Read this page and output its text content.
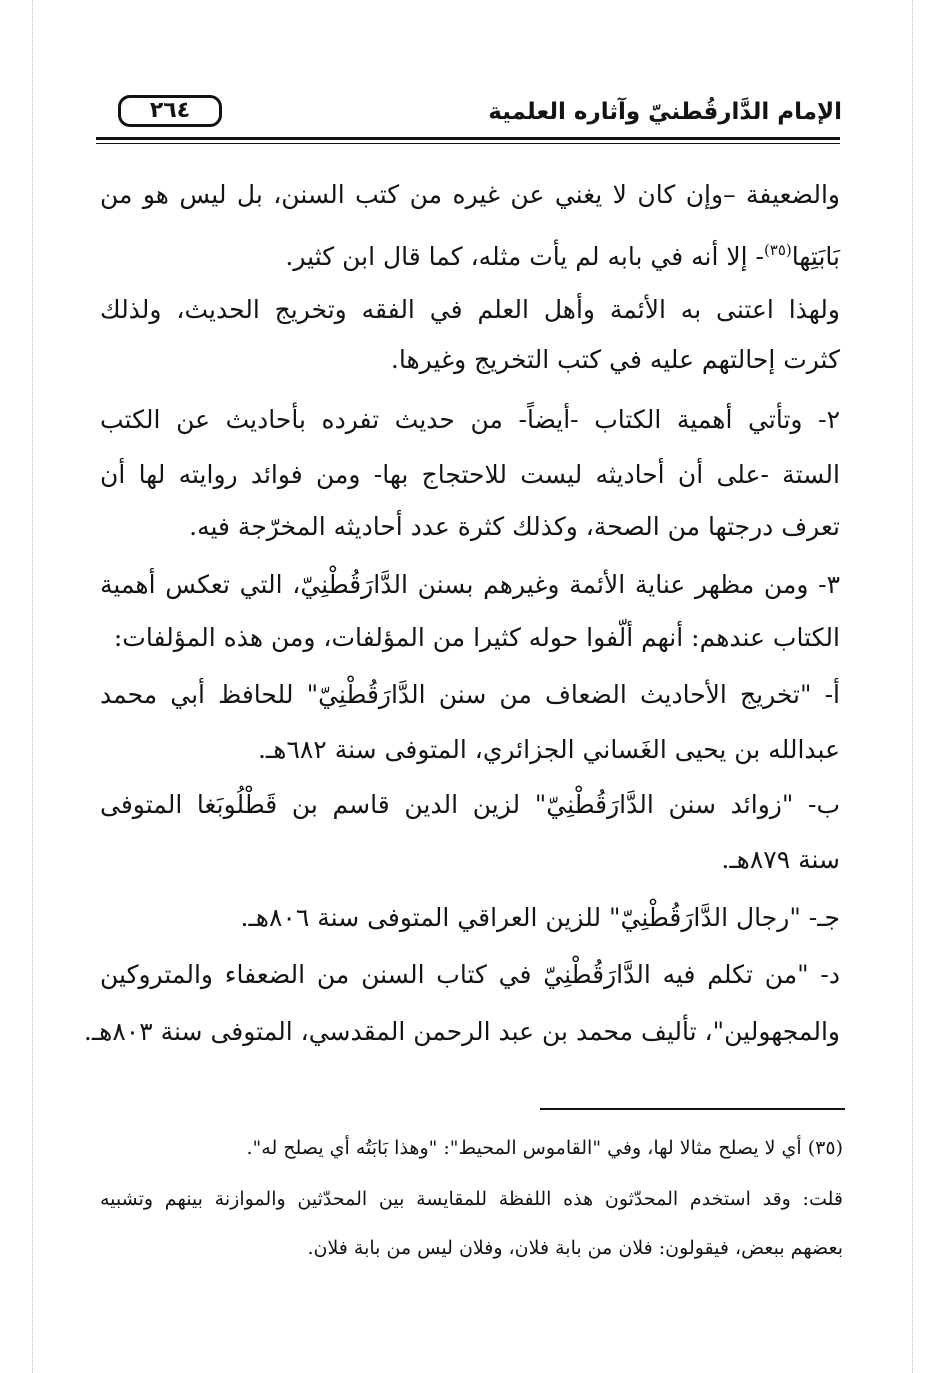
٢٦٤	الإمام الدَّارقُطنيّ وآثاره العلمية
والضعيفة –وإن كان لا يغني عن غيره من كتب السنن، بل ليس هو من
بَابَتِها$^{(٣٥)}$- إلا أنه في بابه لم يأت مثله، كما قال ابن كثير.
ولهذا اعتنى به الأئمة وأهل العلم في الفقه وتخريج الحديث، ولذلك
كثرت إحالتهم عليه في كتب التخريج وغيرها.
٢- وتأتي أهمية الكتاب -أيضاً- من حديث تفرده بأحاديث عن الكتب
الستة -على أن أحاديثه ليست للاحتجاج بها- ومن فوائد روايته لها أن
تعرف درجتها من الصحة، وكذلك كثرة عدد أحاديثه المخرّجة فيه.
٣- ومن مظهر عناية الأئمة وغيرهم بسنن الدَّارَقُطْنِيّ، التي تعكس أهمية
الكتاب عندهم: أنهم ألّفوا حوله كثيرا من المؤلفات، ومن هذه المؤلفات:
أ- "تخريج الأحاديث الضعاف من سنن الدَّارَقُطْنِيّ" للحافظ أبي محمد
عبدالله بن يحيى الغَساني الجزائري، المتوفى سنة ٦٨٢هـ.
ب- "زوائد سنن الدَّارَقُطْنِيّ" لزين الدين قاسم بن قَطْلُوبَغا المتوفى
سنة ٨٧٩هـ.
جـ- "رجال الدَّارَقُطْنِيّ" للزين العراقي المتوفى سنة ٨٠٦هـ.
د- "من تكلم فيه الدَّارَقُطْنِيّ في كتاب السنن من الضعفاء والمتروكين
والمجهولين"، تأليف محمد بن عبد الرحمن المقدسي، المتوفى سنة ٨٠٣هـ.
(٣٥) أي لا يصلح مثالا لها، وفي "القاموس المحيط": "وهذا بَابَتُه أي يصلح له".
قلت: وقد استخدم المحدّثون هذه اللفظة للمقايسة بين المحدّثين والموازنة بينهم وتشبيه
بعضهم ببعض، فيقولون: فلان من بابة فلان، وفلان ليس من بابة فلان.
